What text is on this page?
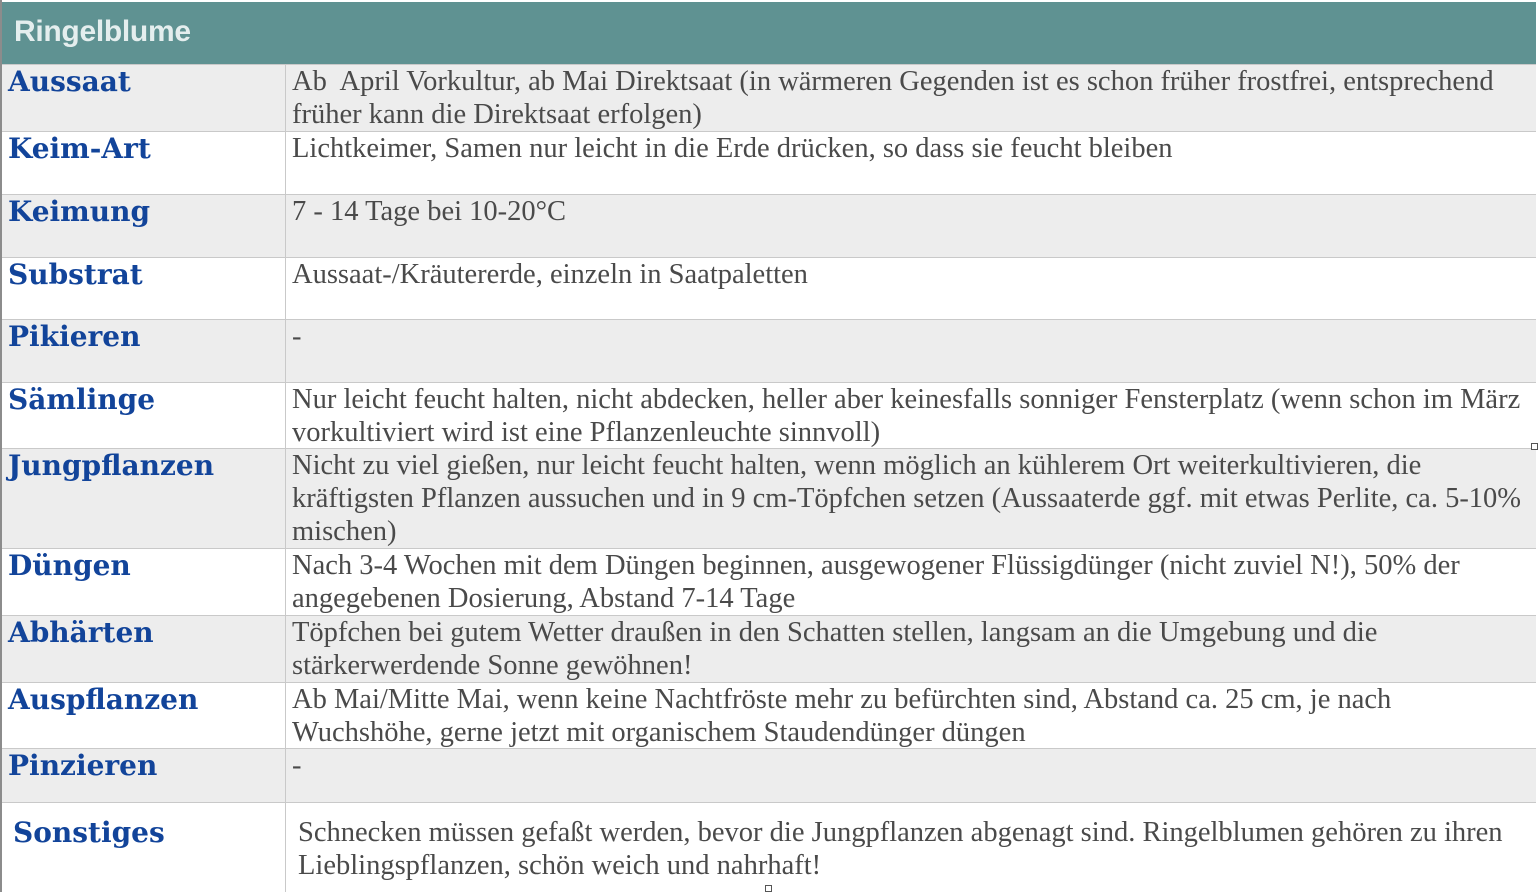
Ringelblume
Aussaat	Ab  April Vorkultur, ab Mai Direktsaat (in wärmeren Gegenden ist es schon früher frostfrei, entsprechend früher kann die Direktsaat erfolgen)
Keim-Art	Lichtkeimer, Samen nur leicht in die Erde drücken, so dass sie feucht bleiben
Keimung	7 - 14 Tage bei 10-20°C
Substrat	Aussaat-/Kräutererde, einzeln in Saatpaletten
Pikieren	-
Sämlinge	Nur leicht feucht halten, nicht abdecken, heller aber keinesfalls sonniger Fensterplatz (wenn schon im März vorkultiviert wird ist eine Pflanzenleuchte sinnvoll)
Jungpflanzen	Nicht zu viel gießen, nur leicht feucht halten, wenn möglich an kühlerem Ort weiterkultivieren, die kräftigsten Pflanzen aussuchen und in 9 cm-Töpfchen setzen (Aussaaterde ggf. mit etwas Perlite, ca. 5-10% mischen)
Düngen	Nach 3-4 Wochen mit dem Düngen beginnen, ausgewogener Flüssigdünger (nicht zuviel N!), 50% der angegebenen Dosierung, Abstand 7-14 Tage
Abhärten	Töpfchen bei gutem Wetter draußen in den Schatten stellen, langsam an die Umgebung und die stärkerwerdende Sonne gewöhnen!
Auspflanzen	Ab Mai/Mitte Mai, wenn keine Nachtfröste mehr zu befürchten sind, Abstand ca. 25 cm, je nach Wuchshöhe, gerne jetzt mit organischem Staudendünger düngen
Pinzieren	-
Sonstiges	Schnecken müssen gefaßt werden, bevor die Jungpflanzen abgenagt sind. Ringelblumen gehören zu ihren Lieblingspflanzen, schön weich und nahrhaft!
